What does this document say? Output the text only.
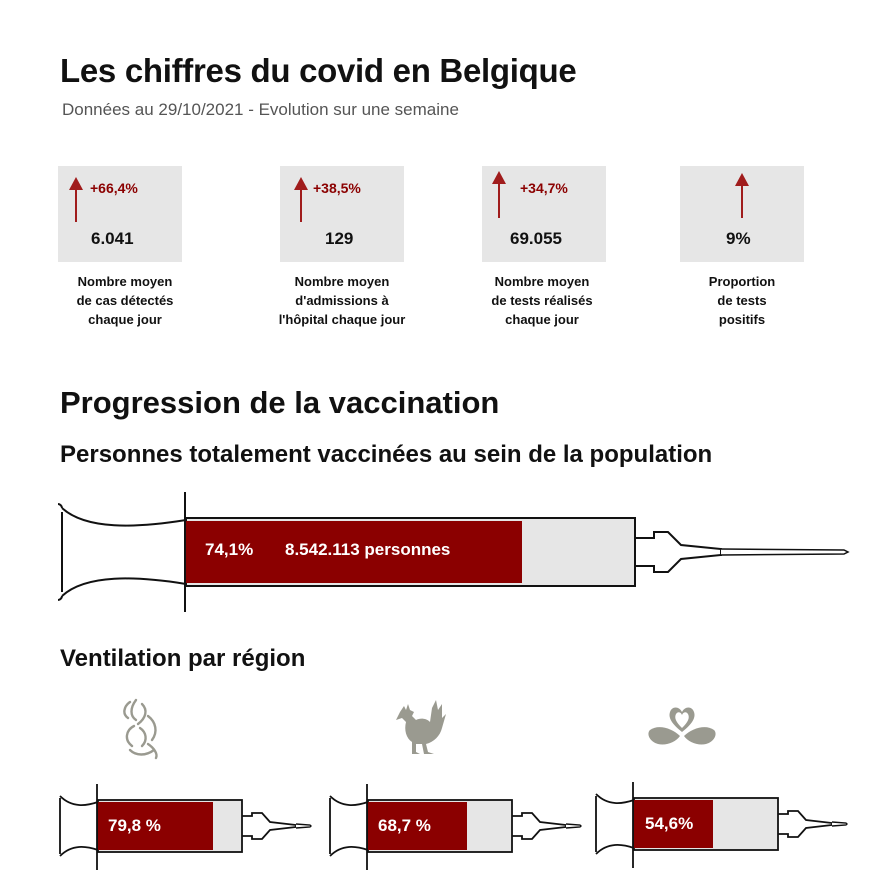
Les chiffres du covid en Belgique
Données au 29/10/2021 - Evolution sur une semaine
+66,4%
6.041
Nombre moyen
de cas détectés
chaque jour
+38,5%
129
Nombre moyen
d'admissions à
l'hôpital chaque jour
+34,7%
69.055
Nombre moyen
de tests réalisés
chaque jour
9%
Proportion
de tests
positifs
Progression de la vaccination
Personnes totalement vaccinées au sein de la population
74,1% 8.542.113 personnes
Ventilation par région
79,8 %	68,7 %	54,6%
